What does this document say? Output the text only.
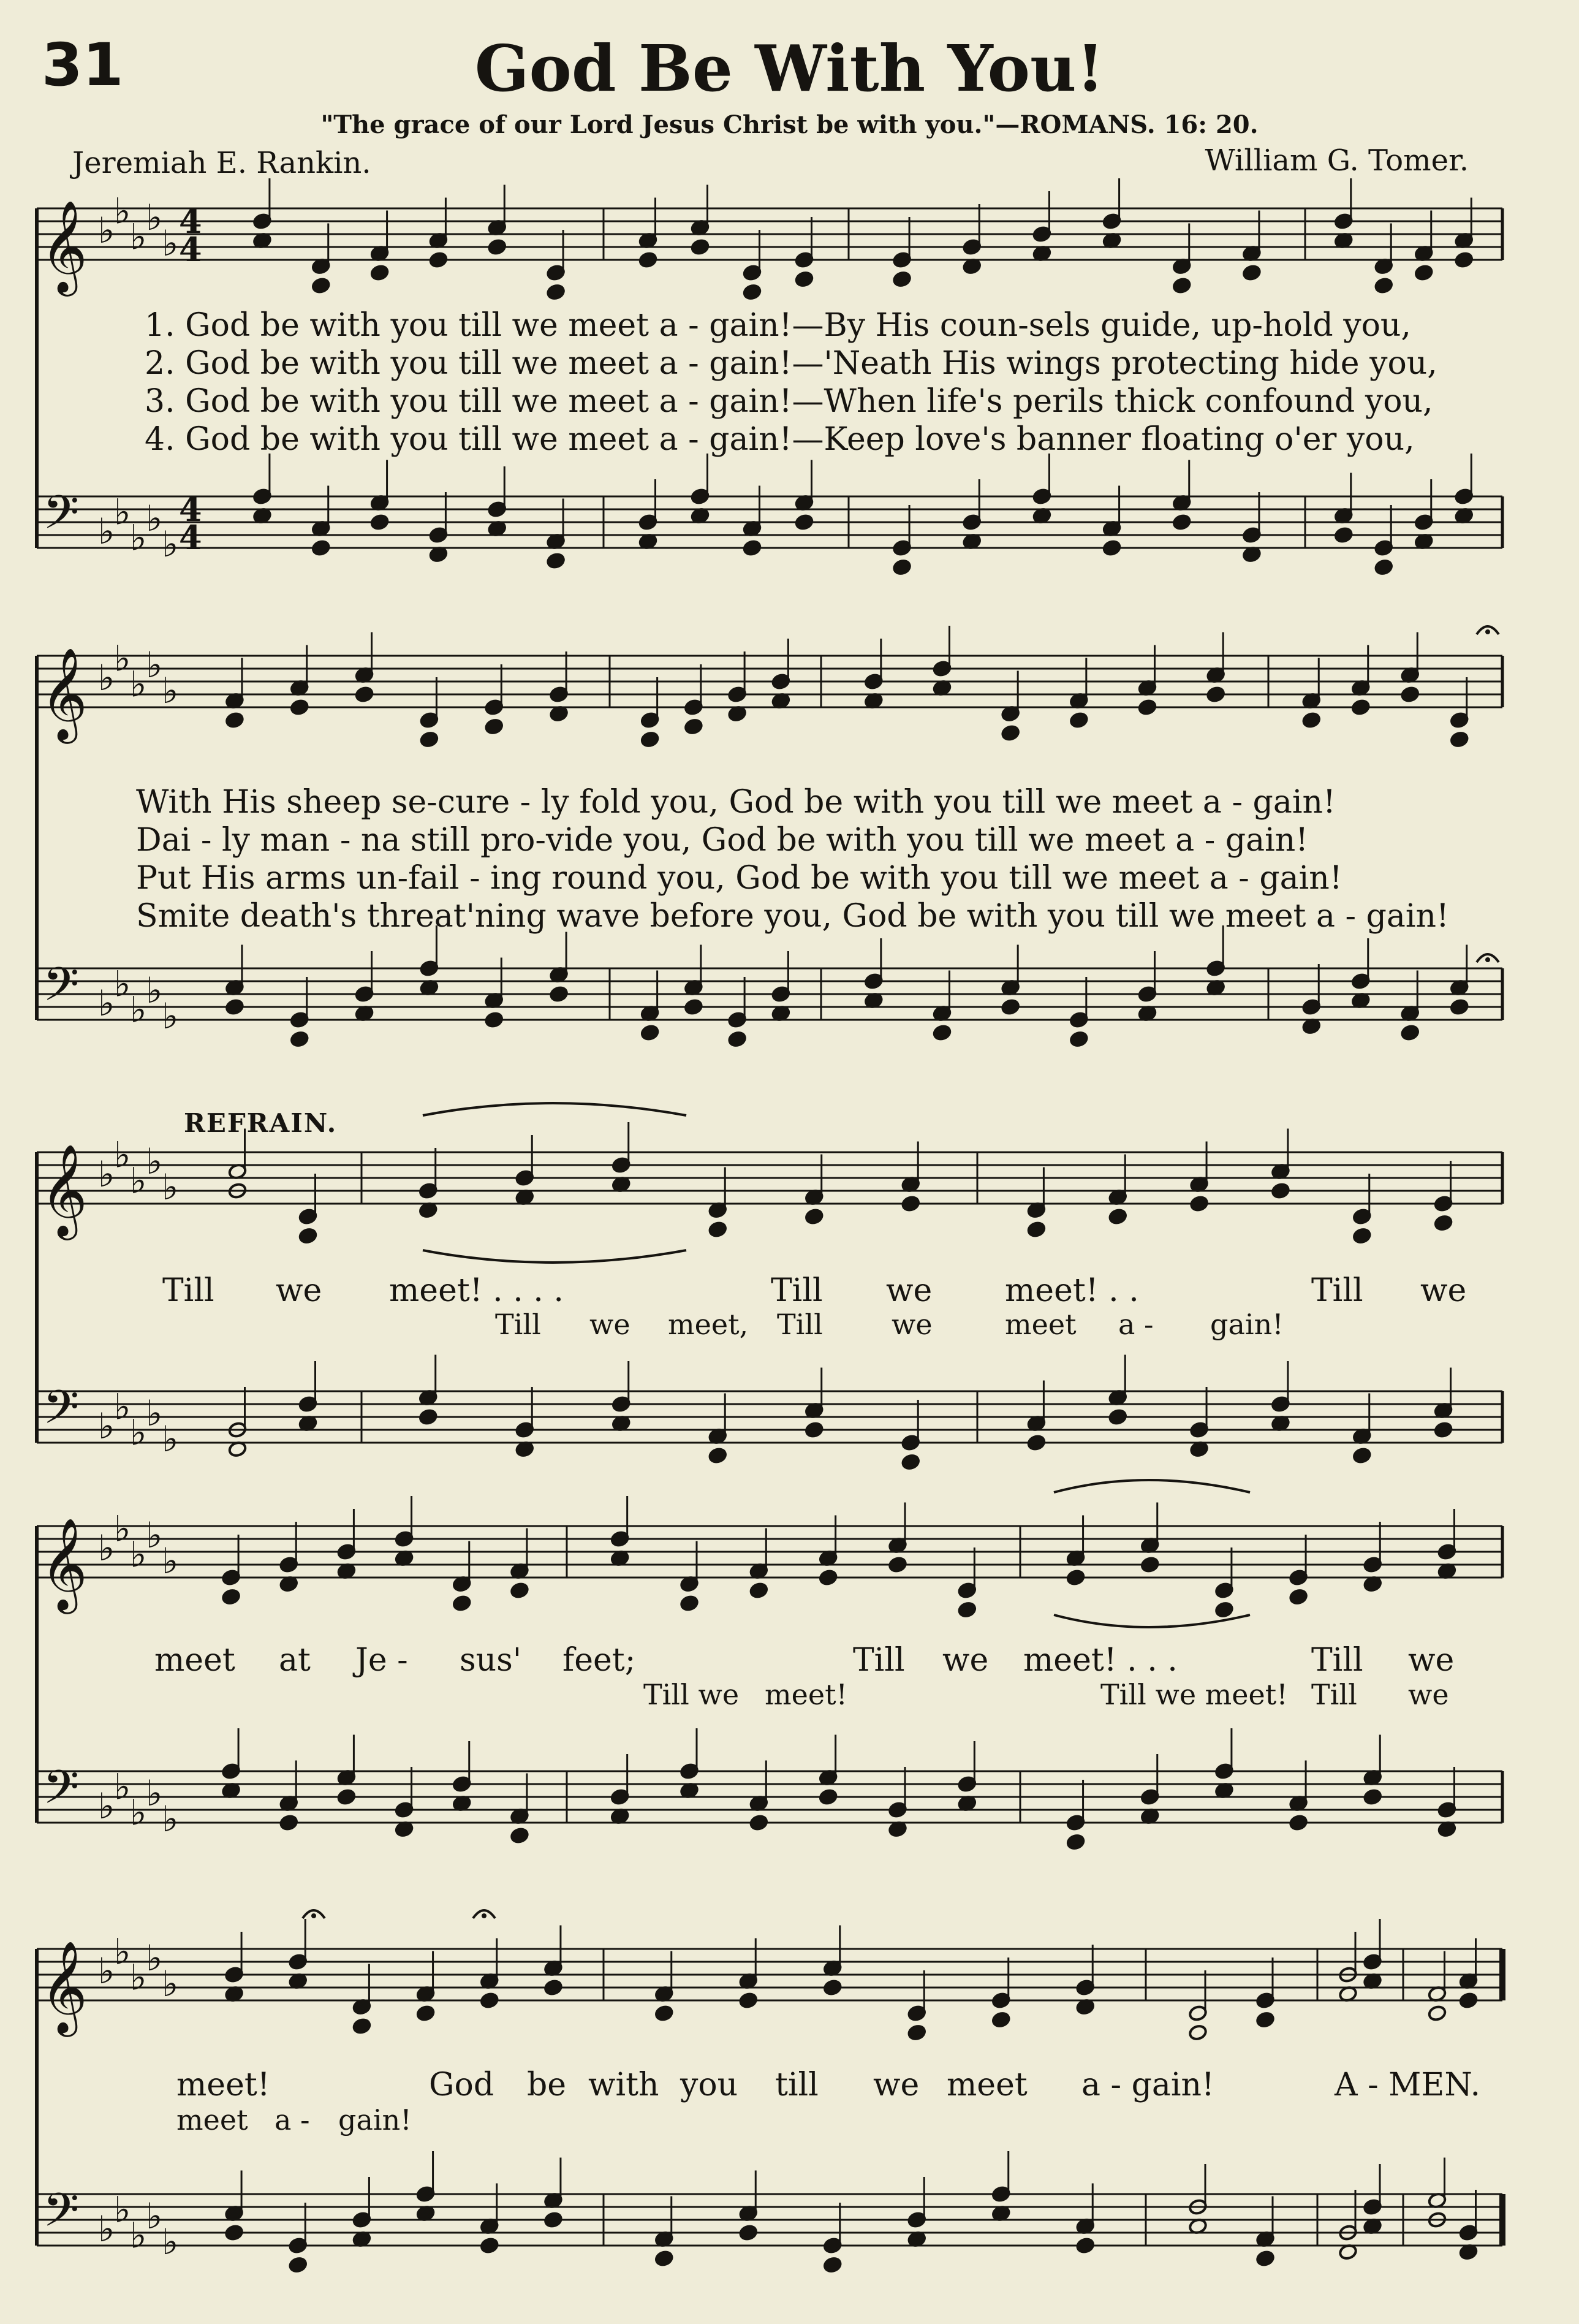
31	God Be With You!
"The grace of our Lord Jesus Christ be with you."—ROMANS. 16: 20.
Jeremiah E. Rankin.	William G. Tomer.
𝄞
𝄢
♭
♭
♭
♭
♭
♭
♭
♭
♭
♭
4
4
4
4
𝄞
𝄢
♭
♭
♭
♭
♭
♭
♭
♭
♭
♭
𝄞
𝄢
♭
♭
♭
♭
♭
♭
♭
♭
♭
♭
𝄞
𝄢
♭
♭
♭
♭
♭
♭
♭
♭
♭
♭
𝄞
𝄢
♭
♭
♭
♭
♭
♭
♭
♭
♭
♭
1. God be with you till we meet a - gain!—By His coun-sels guide, up-hold you,
2. God be with you till we meet a - gain!—'Neath His wings protecting hide you,
3. God be with you till we meet a - gain!—When life's perils thick confound you,
4. God be with you till we meet a - gain!—Keep love's banner floating o'er you,
With His sheep se-cure - ly fold you, God be with you till we meet a - gain!
Dai - ly man - na still pro-vide you, God be with you till we meet a - gain!
Put His arms un-fail - ing round you, God be with you till we meet a - gain!
Smite death's threat'ning wave before you, God be with you till we meet a - gain!
REFRAIN.
Till we meet! . . . .	Till we meet! . .	Till we
Till we meet, Till we	meet a - gain!
meet at Je - sus' feet;	Till we meet! . . .	Till we
Till we meet!	Till we meet! Till we
meet!	God be with you till we meet a - gain!	A - MEN.
meet a - gain!
